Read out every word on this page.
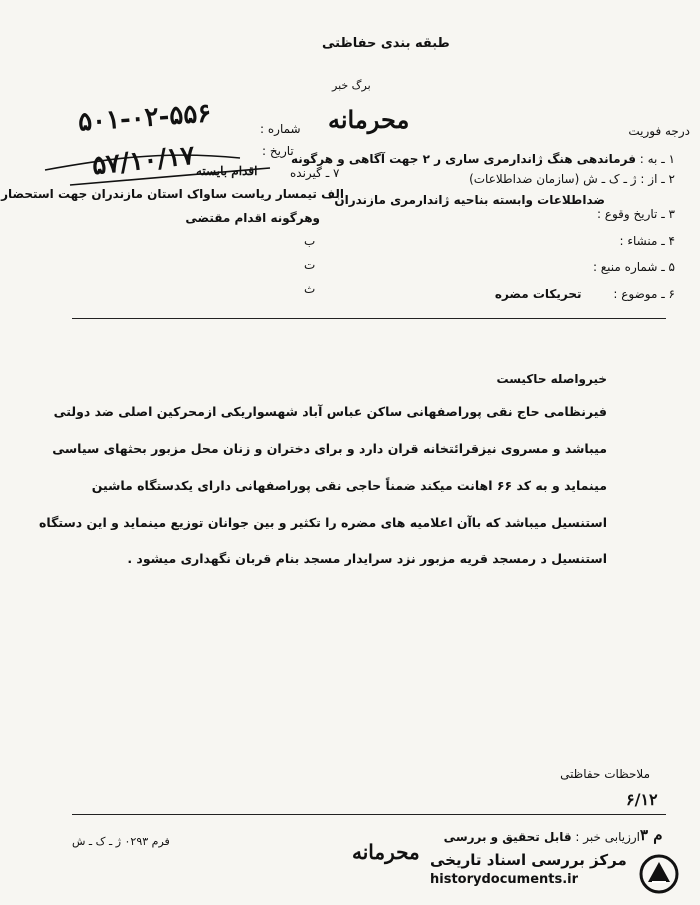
طبقه بندی حفاظتی
برگ خبر
محرمانه	درجه فوریت
شماره :
۵۰۱-۰۲-۵۵۶
تاریخ :
۵۷/۱۰/۱۷ اقدام بایسته
۱ ـ به : فرماندهی هنگ ژاندارمری ساری ر ۲ جهت آگاهی و هرگونه
۲ ـ از : ژ ـ ک ـ ش (سازمان ضداطلاعات)
۷ ـ گیرنده
ضداطلاعات وابسته بناحیه ژاندارمری مازندران
۳ ـ تاریخ وقوع :
۴ ـ منشاء :
۵ ـ شماره منبع :
۶ ـ موضوع : تحریکات مضره
الف تیمسار ریاست ساواک استان مازندران جهت استحضار
وهرگونه اقدام مقتضی
ب
ت
ث
خیرواصله حاکیست
فیرنظامی حاج نقی پوراصفهانی ساکن عباس آباد شهسواریکی ازمحرکین اصلی ضد دولتی
میباشد و مسروی نیزقرائتخانه قران دارد و برای دختران و زنان محل مزبور بحثهای سیاسی
مینماید و به کد ۶۶ اهانت میکند ضمناً حاجی نقی پوراصفهانی دارای یکدستگاه ماشین
استنسیل میباشد که باآن اعلامیه های مضره را تکثیر و بین جوانان توزیع مینماید و این دستگاه
استنسیل د رمسجد قریه مزبور نزد سرایدار مسجد بنام قربان نگهداری میشود .
ملاحظات حفاظتی
۶/۱۲
ارزیابی خبر : قابل تحقیق و بررسی	م ۳
محرمانه
فرم ۰۲۹۳ ژ ـ ک ـ ش
مرکز بررسی اسناد تاریخی
historydocuments.ir
